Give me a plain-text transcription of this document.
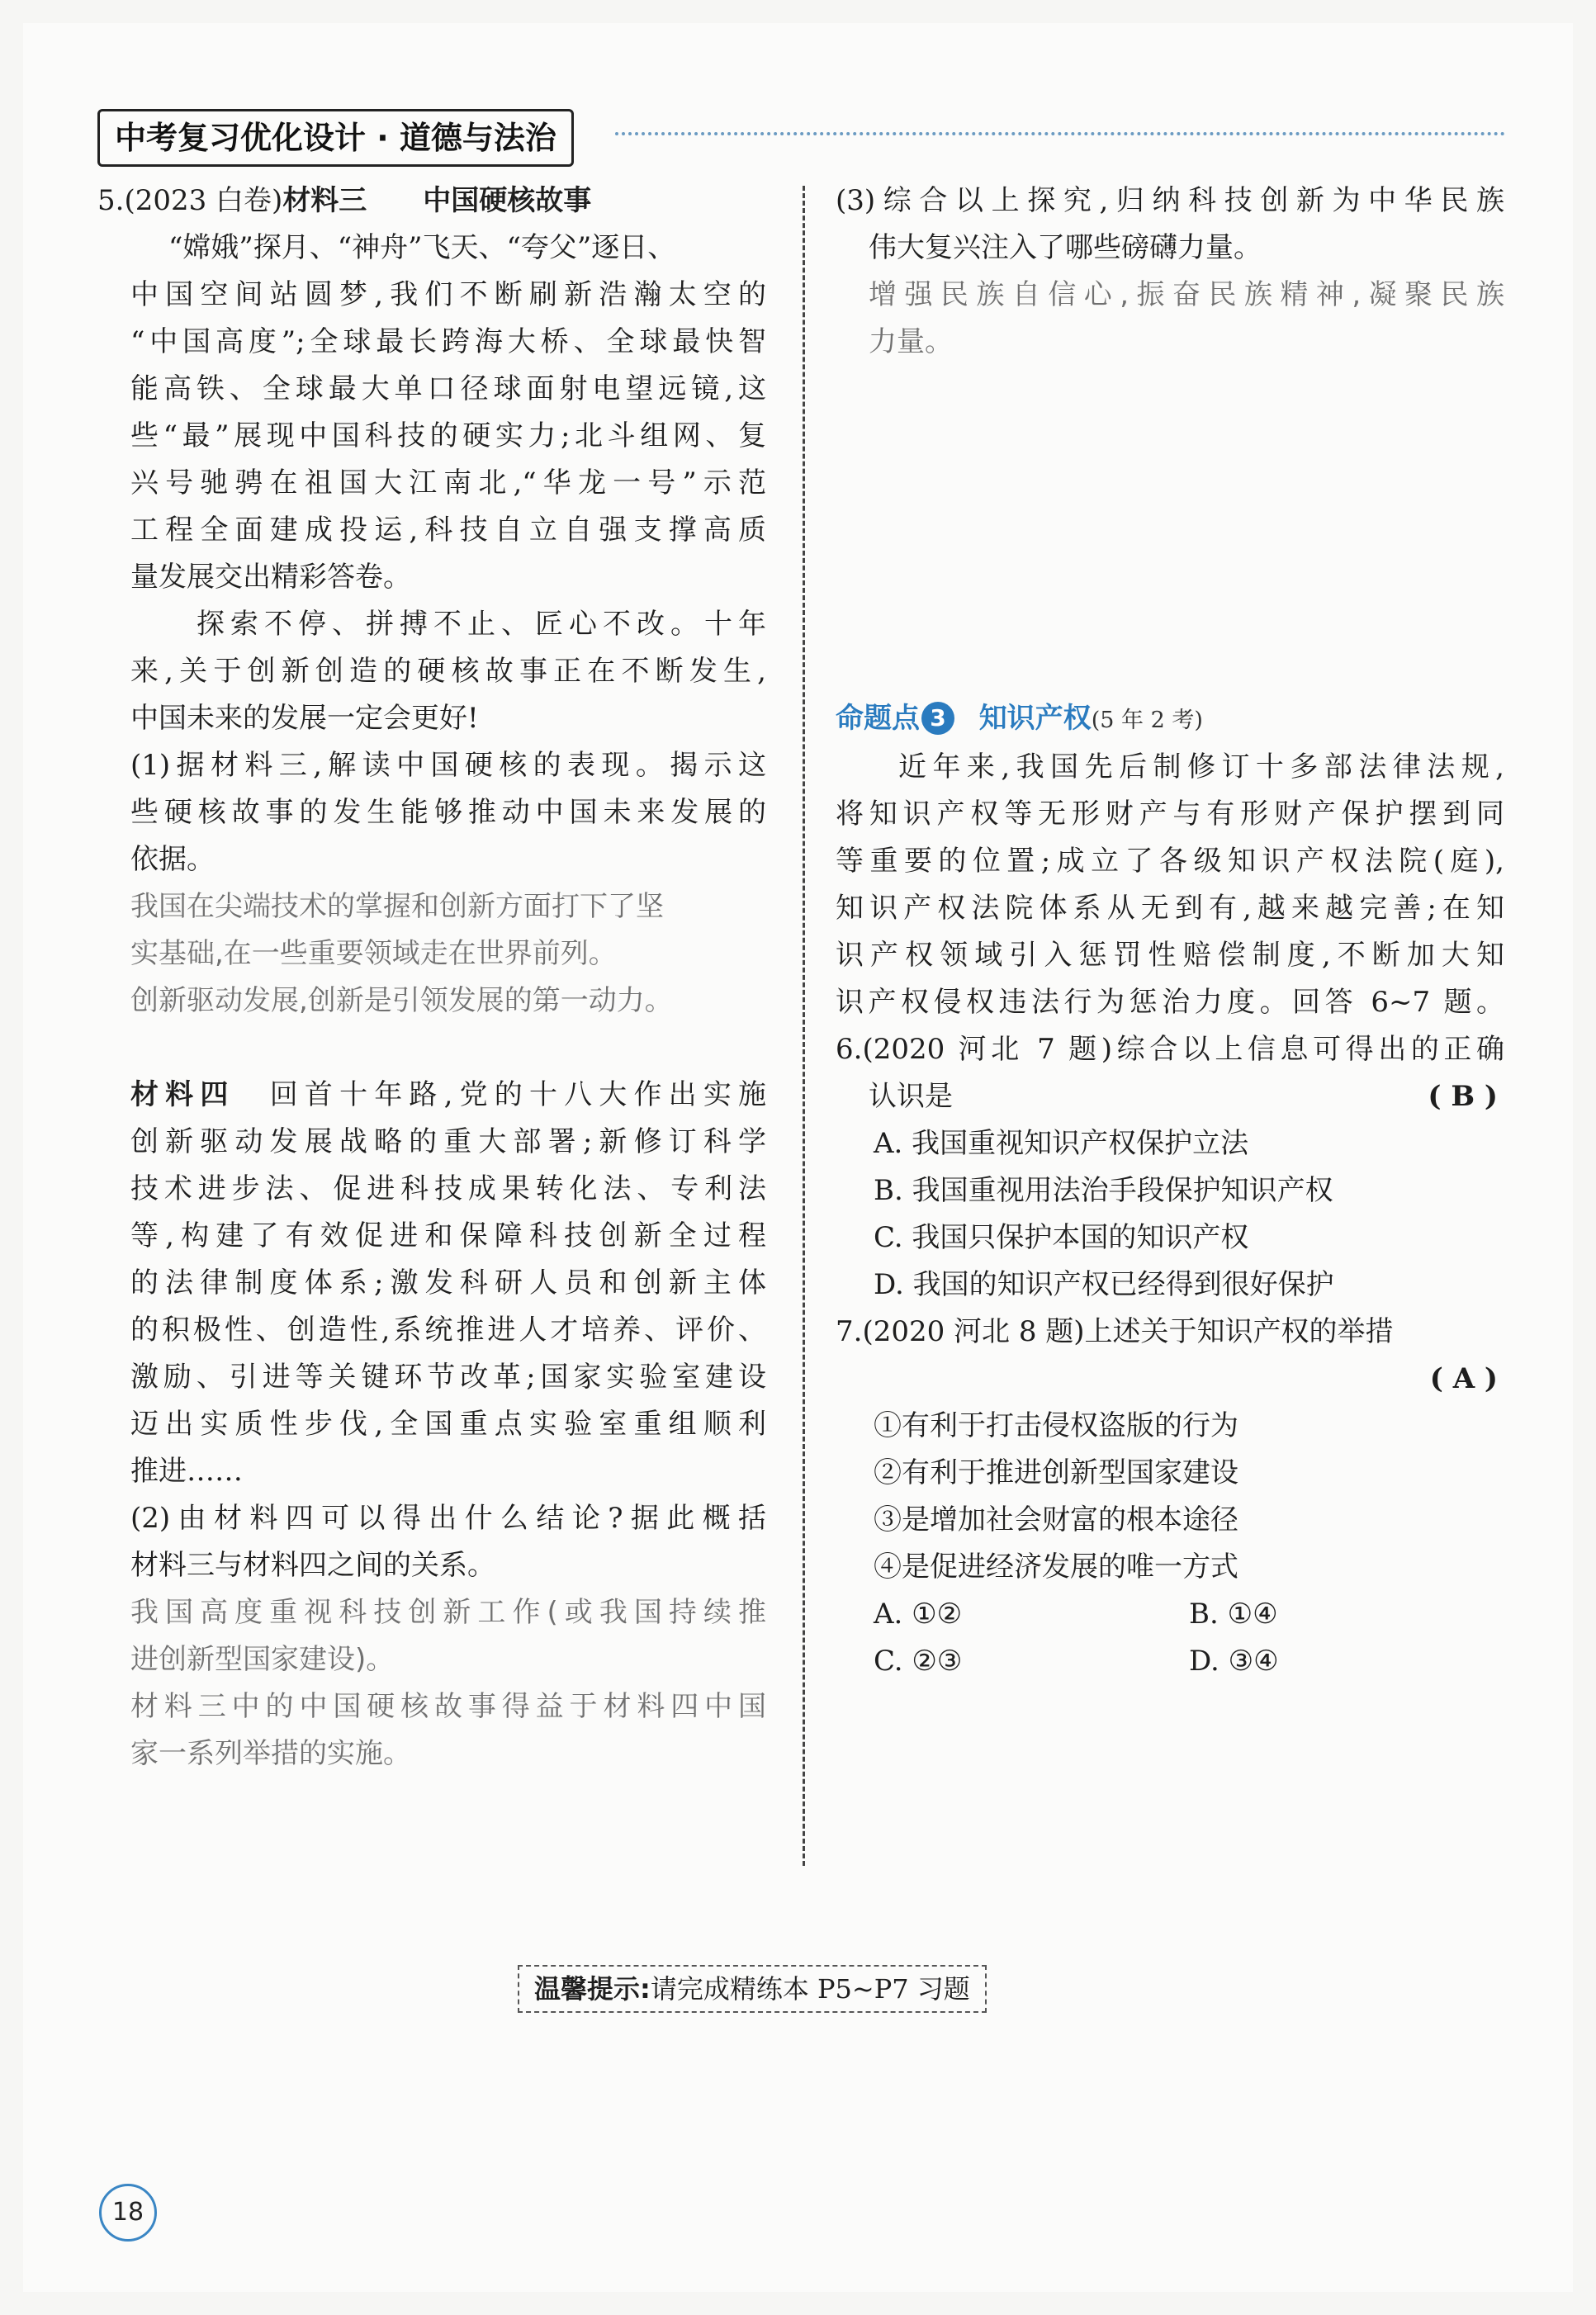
中考复习优化设计 · 道德与法治
5.(2023 白卷)材料三　　中国硬核故事
“嫦娥”探月、“神舟”飞天、“夸父”逐日、
中国空间站圆梦,我们不断刷新浩瀚太空的
“中国高度”;全球最长跨海大桥、全球最快智
能高铁、全球最大单口径球面射电望远镜,这
些“最”展现中国科技的硬实力;北斗组网、复
兴号驰骋在祖国大江南北,“华龙一号”示范
工程全面建成投运,科技自立自强支撑高质
量发展交出精彩答卷。
探索不停、拼搏不止、匠心不改。十年
来,关于创新创造的硬核故事正在不断发生,
中国未来的发展一定会更好!
(1)据材料三,解读中国硬核的表现。揭示这
些硬核故事的发生能够推动中国未来发展的
依据。
我国在尖端技术的掌握和创新方面打下了坚
实基础,在一些重要领域走在世界前列。
创新驱动发展,创新是引领发展的第一动力。
材料四　 回首十年路,党的十八大作出实施
创新驱动发展战略的重大部署;新修订科学
技术进步法、促进科技成果转化法、专利法
等,构建了有效促进和保障科技创新全过程
的法律制度体系;激发科研人员和创新主体
的积极性、创造性,系统推进人才培养、评价、
激励、引进等关键环节改革;国家实验室建设
迈出实质性步伐,全国重点实验室重组顺利
推进……
(2)由材料四可以得出什么结论?据此概括
材料三与材料四之间的关系。
我国高度重视科技创新工作(或我国持续推
进创新型国家建设)。
材料三中的中国硬核故事得益于材料四中国
家一系列举措的实施。
(3)综合以上探究,归纳科技创新为中华民族
伟大复兴注入了哪些磅礴力量。
增强民族自信心,振奋民族精神,凝聚民族
力量。
命题点 3 知识产权(5 年 2 考)
近年来,我国先后制修订十多部法律法规,
将知识产权等无形财产与有形财产保护摆到同
等重要的位置;成立了各级知识产权法院(庭),
知识产权法院体系从无到有,越来越完善;在知
识产权领域引入惩罚性赔偿制度,不断加大知
识产权侵权违法行为惩治力度。回答 6~7 题。
6.(2020 河北 7 题)综合以上信息可得出的正确
认识是	( B )
A. 我国重视知识产权保护立法
B. 我国重视用法治手段保护知识产权
C. 我国只保护本国的知识产权
D. 我国的知识产权已经得到很好保护
7.(2020 河北 8 题)上述关于知识产权的举措
( A )

①有利于打击侵权盗版的行为
②有利于推进创新型国家建设
③是增加社会财富的根本途径
④是促进经济发展的唯一方式
A. ①②	B. ①④
C. ②③	D. ③④
温馨提示:请完成精练本 P5~P7 习题
18
